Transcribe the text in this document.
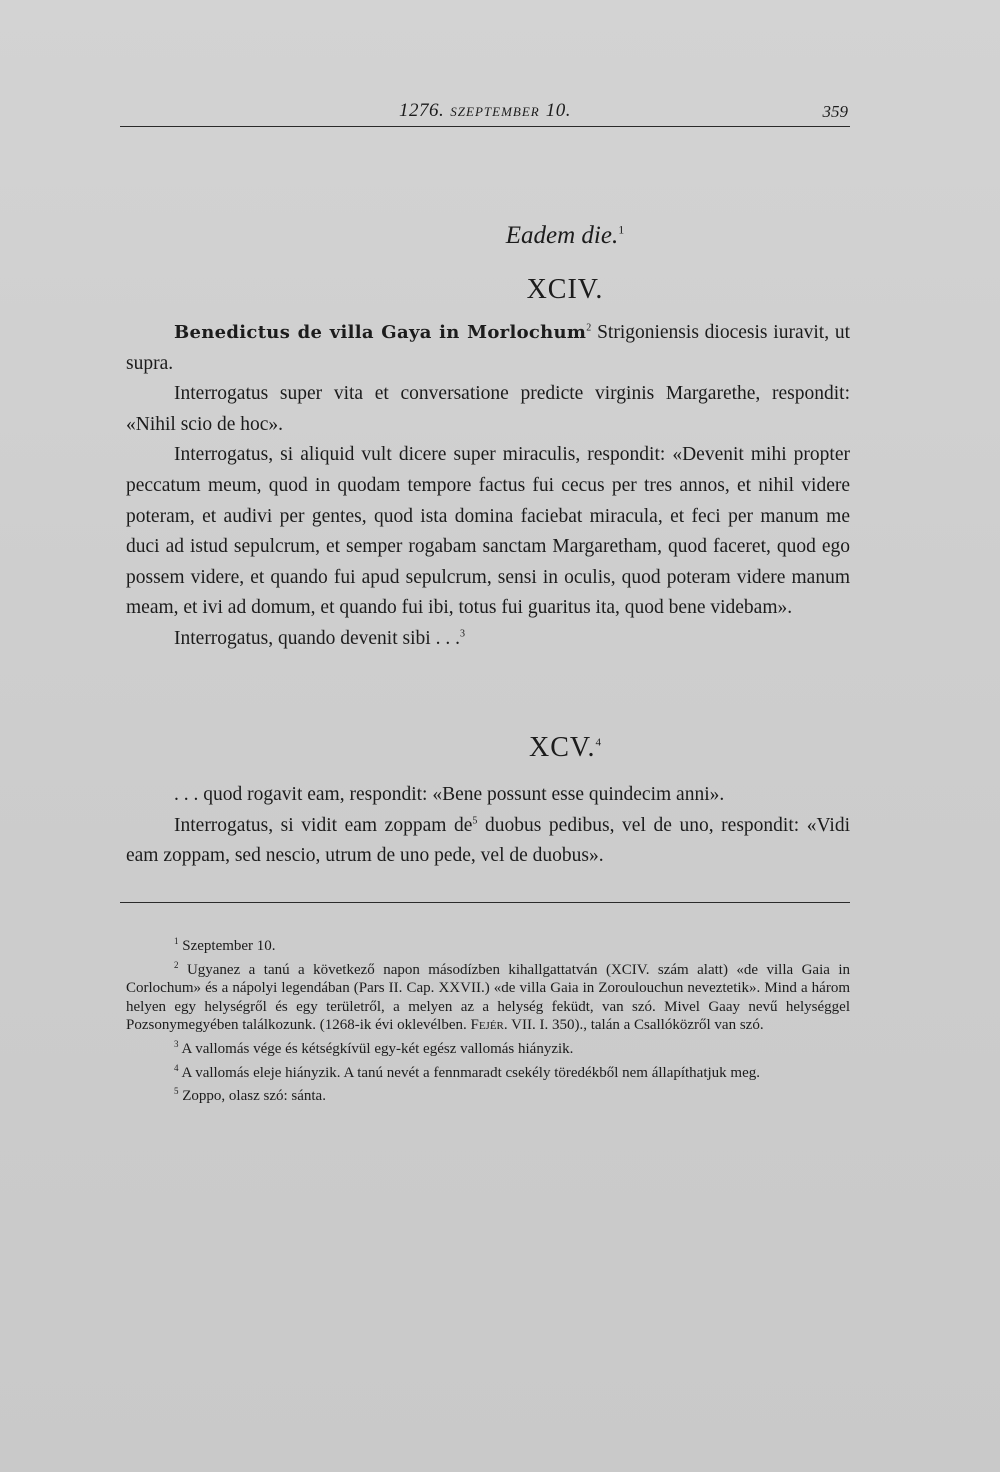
1276. SZEPTEMBER 10.	359
Eadem die.$^1$
XCIV.

Benedictus de villa Gaya in Morlochum$^2$ Strigoniensis diocesis iuravit, ut supra.

Interrogatus super vita et conversatione predicte virginis Margarethe, respondit: «Nihil scio de hoc».

Interrogatus, si aliquid vult dicere super miraculis, respondit: «Devenit mihi propter peccatum meum, quod in quodam tempore factus fui cecus per tres annos, et nihil videre poteram, et audivi per gentes, quod ista domina faciebat miracula, et feci per manum me duci ad istud sepulcrum, et semper rogabam sanctam Margaretham, quod faceret, quod ego possem videre, et quando fui apud sepulcrum, sensi in oculis, quod poteram videre manum meam, et ivi ad domum, et quando fui ibi, totus fui guaritus ita, quod bene videbam».

Interrogatus, quando devenit sibi . . .$^3$

XCV.$^4$

. . . quod rogavit eam, respondit: «Bene possunt esse quindecim anni».

Interrogatus, si vidit eam zoppam de$^5$ duobus pedibus, vel de uno, respondit: «Vidi eam zoppam, sed nescio, utrum de uno pede, vel de duobus».

$^1$ Szeptember 10.

$^2$ Ugyanez a tanú a következő napon másodízben kihallgattatván (XCIV. szám alatt) «de villa Gaia in Corlochum» és a nápolyi legendában (Pars II. Cap. XXVII.) «de villa Gaia in Zoroulouchun neveztetik». Mind a három helyen egy helységről és egy területről, a melyen az a helység feküdt, van szó. Mivel Gaay nevű helységgel Pozsonymegyében találkozunk. (1268-ik évi oklevélben. Fejér. VII. I. 350)., talán a Csallóközről van szó.

$^3$ A vallomás vége és kétségkívül egy-két egész vallomás hiányzik.

$^4$ A vallomás eleje hiányzik. A tanú nevét a fennmaradt csekély töredékből nem állapíthatjuk meg.

$^5$ Zoppo, olasz szó: sánta.
